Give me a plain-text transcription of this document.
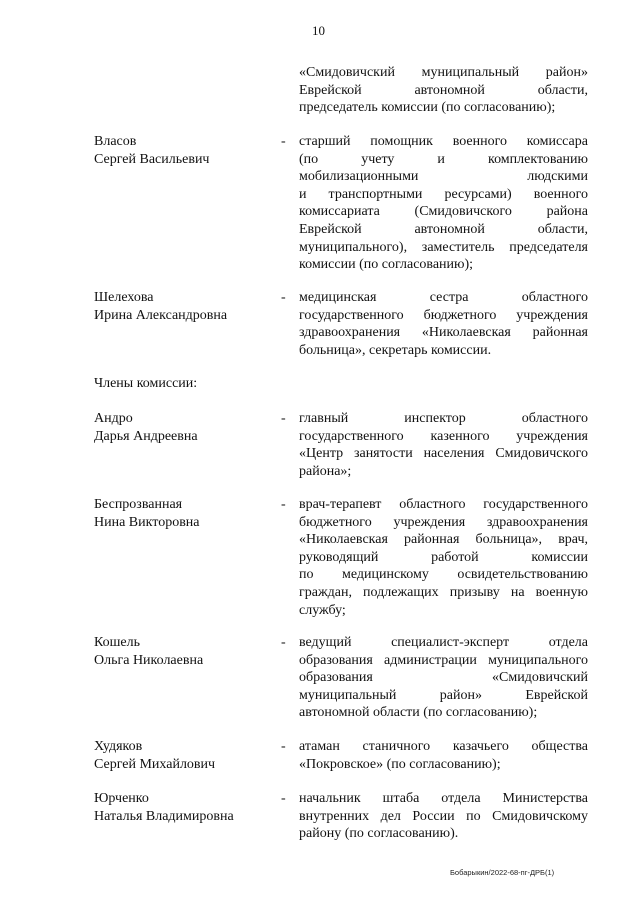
10
«Смидовичский муниципальный район»
Еврейской автономной области,
председатель комиссии (по согласованию);
Власов
Сергей Васильевич
- старший помощник военного комиссара
(по учету и комплектованию
мобилизационными людскими
и транспортными ресурсами) военного
комиссариата (Смидовичского района
Еврейской автономной области,
муниципального), заместитель председателя
комиссии (по согласованию);
Шелехова
Ирина Александровна
- медицинская сестра областного
государственного бюджетного учреждения
здравоохранения «Николаевская районная
больница», секретарь комиссии.
Члены комиссии:
Андро
Дарья Андреевна
- главный инспектор областного
государственного казенного учреждения
«Центр занятости населения Смидовичского
района»;
Беспрозванная
Нина Викторовна
- врач-терапевт областного государственного
бюджетного учреждения здравоохранения
«Николаевская районная больница», врач,
руководящий работой комиссии
по медицинскому освидетельствованию
граждан, подлежащих призыву на военную
службу;
Кошель
Ольга Николаевна
- ведущий специалист-эксперт отдела
образования администрации муниципального
образования «Смидовичский
муниципальный район» Еврейской
автономной области (по согласованию);
Худяков
Сергей Михайлович
- атаман станичного казачьего общества
«Покровское» (по согласованию);
Юрченко
Наталья Владимировна
- начальник штаба отдела Министерства
внутренних дел России по Смидовичскому
району (по согласованию).
Бобарыкин/2022-68-пг-ДРБ(1)
